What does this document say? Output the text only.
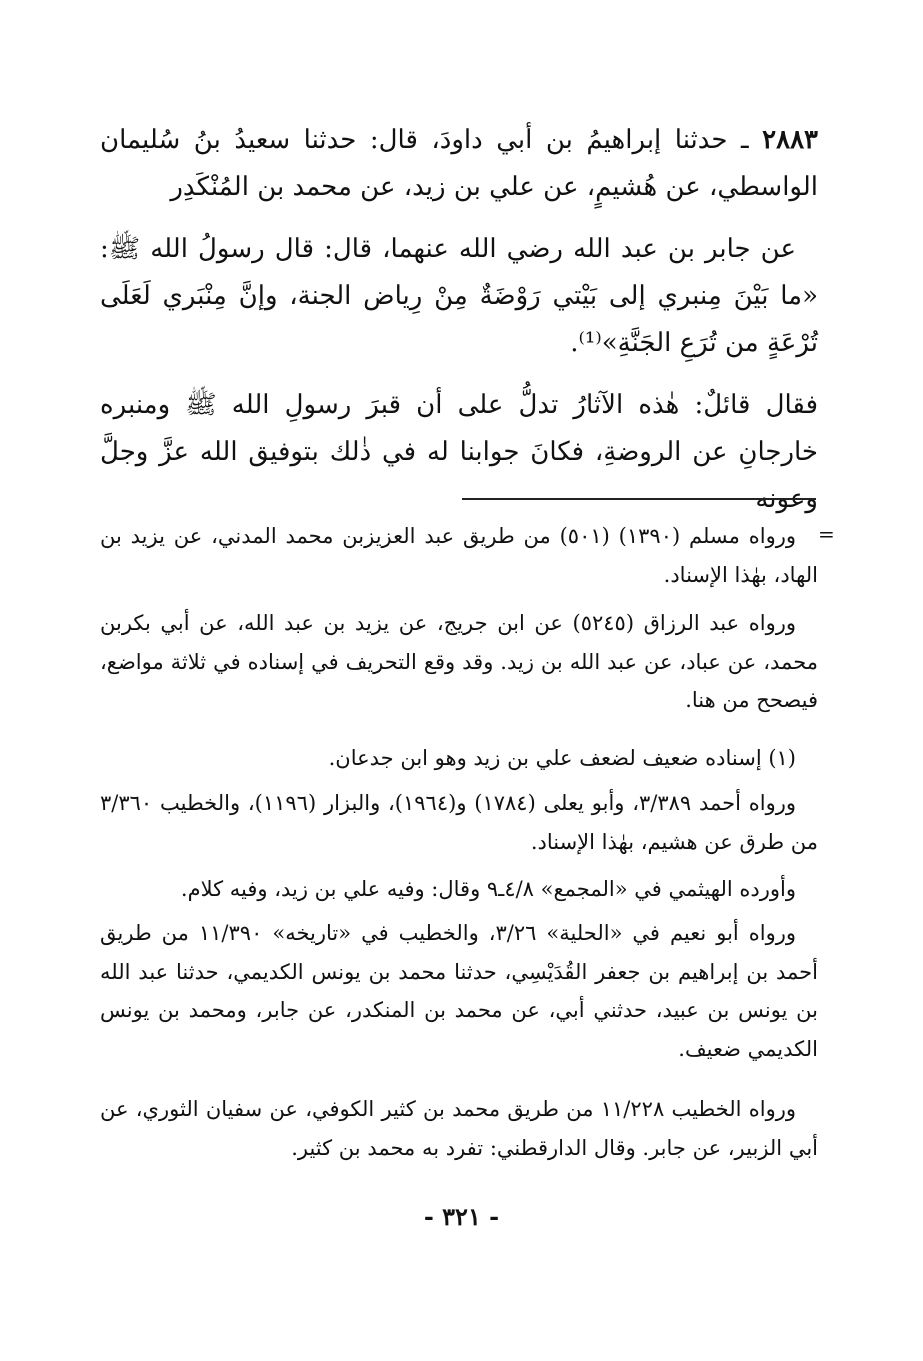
٢٨٨٣ ـ حدثنا إبراهيمُ بن أبي داودَ، قال: حدثنا سعيدُ بنُ سُليمان الواسطي، عن هُشيمٍ، عن علي بن زيد، عن محمد بن المُنْكَدِر

عن جابر بن عبد الله رضي الله عنهما، قال: قال رسولُ الله ﷺ: «ما بَيْنَ مِنبري إلى بَيْتي رَوْضَةٌ مِنْ رِياض الجنة، وإنَّ مِنْبَري لَعَلَى تُرْعَةٍ من تُرَعِ الجَنَّةِ»⁽¹⁾.

فقال قائلٌ: هٰذه الآثارُ تدلُّ على أن قبرَ رسولِ الله ﷺ ومنبره خارجانِ عن الروضةِ، فكانَ جوابنا له في ذٰلك بتوفيق الله عزَّ وجلَّ وعونه

=

ورواه مسلم (١٣٩٠) (٥٠١) من طريق عبد العزيزبن محمد المدني، عن يزيد بن الهاد، بهٰذا الإسناد.

ورواه عبد الرزاق (٥٢٤٥) عن ابن جريج، عن يزيد بن عبد الله، عن أبي بكربن محمد، عن عباد، عن عبد الله بن زيد. وقد وقع التحريف في إسناده في ثلاثة مواضع، فيصحح من هنا.

(١) إسناده ضعيف لضعف علي بن زيد وهو ابن جدعان.

ورواه أحمد ٣/٣٨٩، وأبو يعلى (١٧٨٤) و(١٩٦٤)، والبزار (١١٩٦)، والخطيب ٣/٣٦٠ من طرق عن هشيم، بهٰذا الإسناد.

وأورده الهيثمي في «المجمع» ٤/٨ـ٩ وقال: وفيه علي بن زيد، وفيه كلام.

ورواه أبو نعيم في «الحلية» ٣/٢٦، والخطيب في «تاريخه» ١١/٣٩٠ من طريق أحمد بن إبراهيم بن جعفر القُدَيْسِي، حدثنا محمد بن يونس الكديمي، حدثنا عبد الله بن يونس بن عبيد، حدثني أبي، عن محمد بن المنكدر، عن جابر، ومحمد بن يونس الكديمي ضعيف.

ورواه الخطيب ١١/٢٢٨ من طريق محمد بن كثير الكوفي، عن سفيان الثوري، عن أبي الزبير، عن جابر. وقال الدارقطني: تفرد به محمد بن كثير.

- ٣٢١ -
